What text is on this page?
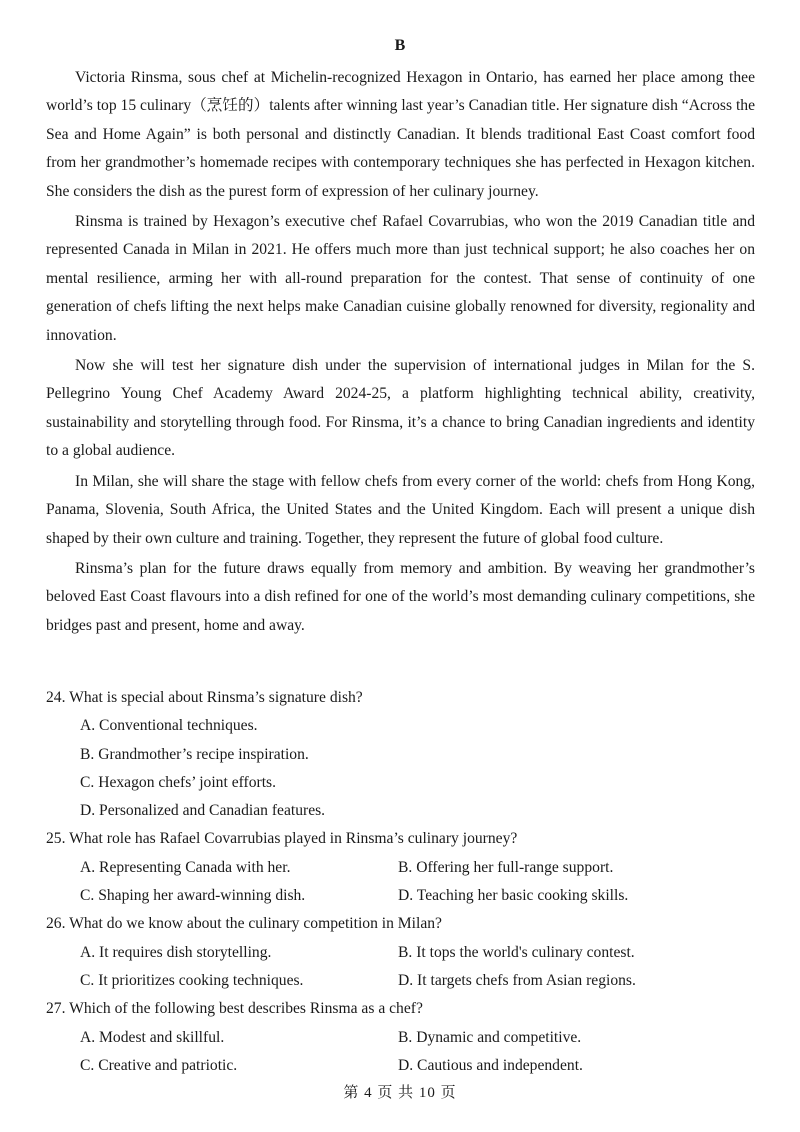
B

Victoria Rinsma, sous chef at Michelin-recognized Hexagon in Ontario, has earned her place among thee world’s top 15 culinary（烹饪的）talents after winning last year’s Canadian title. Her signature dish “Across the Sea and Home Again” is both personal and distinctly Canadian. It blends traditional East Coast comfort food from her grandmother’s homemade recipes with contemporary techniques she has perfected in Hexagon kitchen. She considers the dish as the purest form of expression of her culinary journey.

Rinsma is trained by Hexagon’s executive chef Rafael Covarrubias, who won the 2019 Canadian title and represented Canada in Milan in 2021. He offers much more than just technical support; he also coaches her on mental resilience, arming her with all-round preparation for the contest. That sense of continuity of one generation of chefs lifting the next helps make Canadian cuisine globally renowned for diversity, regionality and innovation.

Now she will test her signature dish under the supervision of international judges in Milan for the S. Pellegrino Young Chef Academy Award 2024-25, a platform highlighting technical ability, creativity, sustainability and storytelling through food. For Rinsma, it’s a chance to bring Canadian ingredients and identity to a global audience.

In Milan, she will share the stage with fellow chefs from every corner of the world: chefs from Hong Kong, Panama, Slovenia, South Africa, the United States and the United Kingdom. Each will present a unique dish shaped by their own culture and training. Together, they represent the future of global food culture.

Rinsma’s plan for the future draws equally from memory and ambition. By weaving her grandmother’s beloved East Coast flavours into a dish refined for one of the world’s most demanding culinary competitions, she bridges past and present, home and away.

24. What is special about Rinsma’s signature dish?

A. Conventional techniques.

B. Grandmother’s recipe inspiration.

C. Hexagon chefs’ joint efforts.

D. Personalized and Canadian features.

25. What role has Rafael Covarrubias played in Rinsma’s culinary journey?

A. Representing Canada with her.	B. Offering her full-range support.
C. Shaping her award-winning dish.	D. Teaching her basic cooking skills.

26. What do we know about the culinary competition in Milan?

A. It requires dish storytelling.	B. It tops the world's culinary contest.
C. It prioritizes cooking techniques.	D. It targets chefs from Asian regions.

27. Which of the following best describes Rinsma as a chef?

A. Modest and skillful.	B. Dynamic and competitive.
C. Creative and patriotic.	D. Cautious and independent.
第 4 页 共 10 页
